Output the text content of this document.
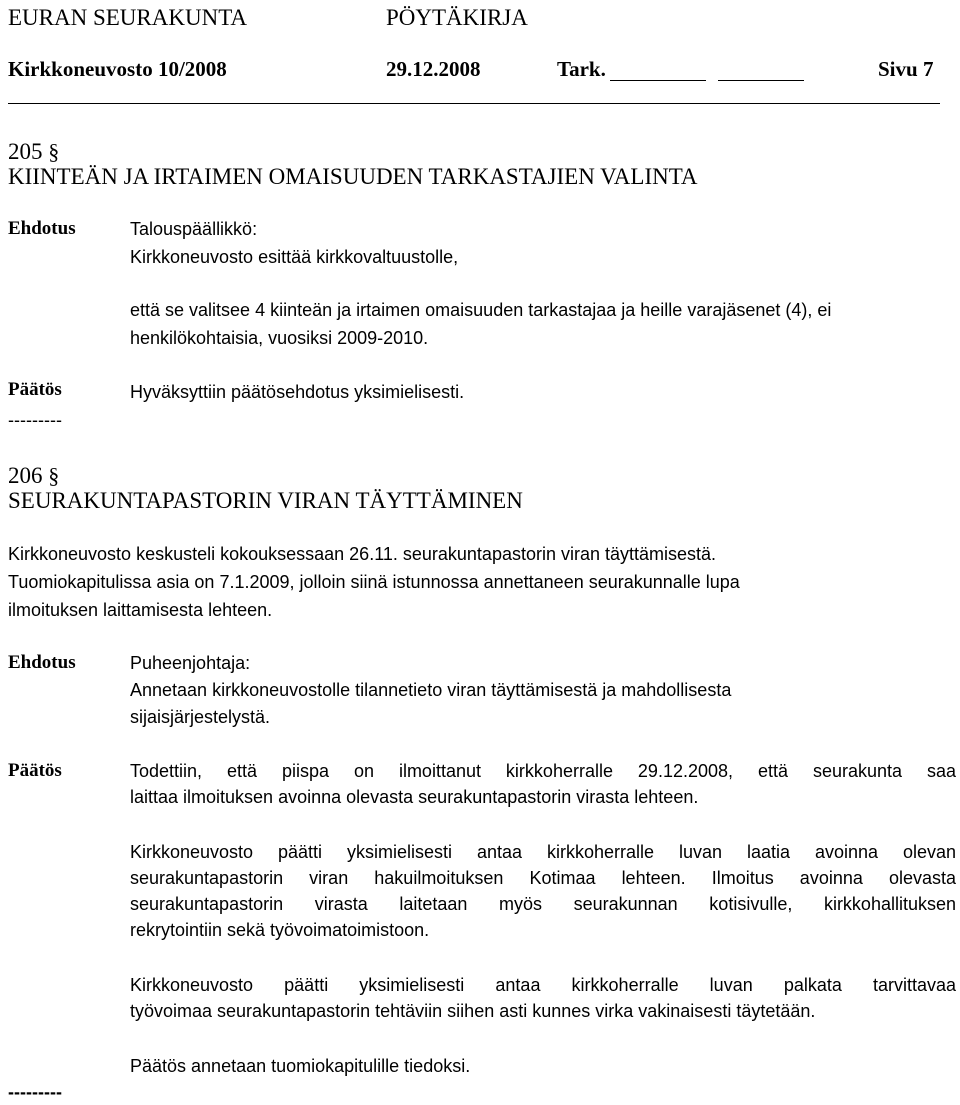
EURAN SEURAKUNTA	PÖYTÄKIRJA
Kirkkoneuvosto 10/2008	29.12.2008	Tark.	Sivu 7
205 §
KIINTEÄN JA IRTAIMEN OMAISUUDEN TARKASTAJIEN VALINTA
Ehdotus	Talouspäällikkö:
Kirkkoneuvosto esittää kirkkovaltuustolle,
että se valitsee 4 kiinteän ja irtaimen omaisuuden tarkastajaa ja heille varajäsenet (4), ei
henkilökohtaisia, vuosiksi 2009-2010.
Päätös	Hyväksyttiin päätösehdotus yksimielisesti.
---------
206 §
SEURAKUNTAPASTORIN VIRAN TÄYTTÄMINEN
Kirkkoneuvosto keskusteli kokouksessaan 26.11. seurakuntapastorin viran täyttämisestä.
Tuomiokapitulissa asia on 7.1.2009, jolloin siinä istunnossa annettaneen seurakunnalle lupa
ilmoituksen laittamisesta lehteen.
Ehdotus	Puheenjohtaja:
Annetaan kirkkoneuvostolle tilannetieto viran täyttämisestä ja mahdollisesta
sijaisjärjestelystä.
Päätös	Todettiin, että piispa on ilmoittanut kirkkoherralle 29.12.2008, että seurakunta saa
laittaa ilmoituksen avoinna olevasta seurakuntapastorin virasta lehteen.
Kirkkoneuvosto päätti yksimielisesti antaa kirkkoherralle luvan laatia avoinna olevan
seurakuntapastorin viran hakuilmoituksen Kotimaa lehteen. Ilmoitus avoinna olevasta
seurakuntapastorin virasta laitetaan myös seurakunnan kotisivulle, kirkkohallituksen
rekrytointiin sekä työvoimatoimistoon.
Kirkkoneuvosto päätti yksimielisesti antaa kirkkoherralle luvan palkata tarvittavaa
työvoimaa seurakuntapastorin tehtäviin siihen asti kunnes virka vakinaisesti täytetään.
Päätös annetaan tuomiokapitulille tiedoksi.
---------
